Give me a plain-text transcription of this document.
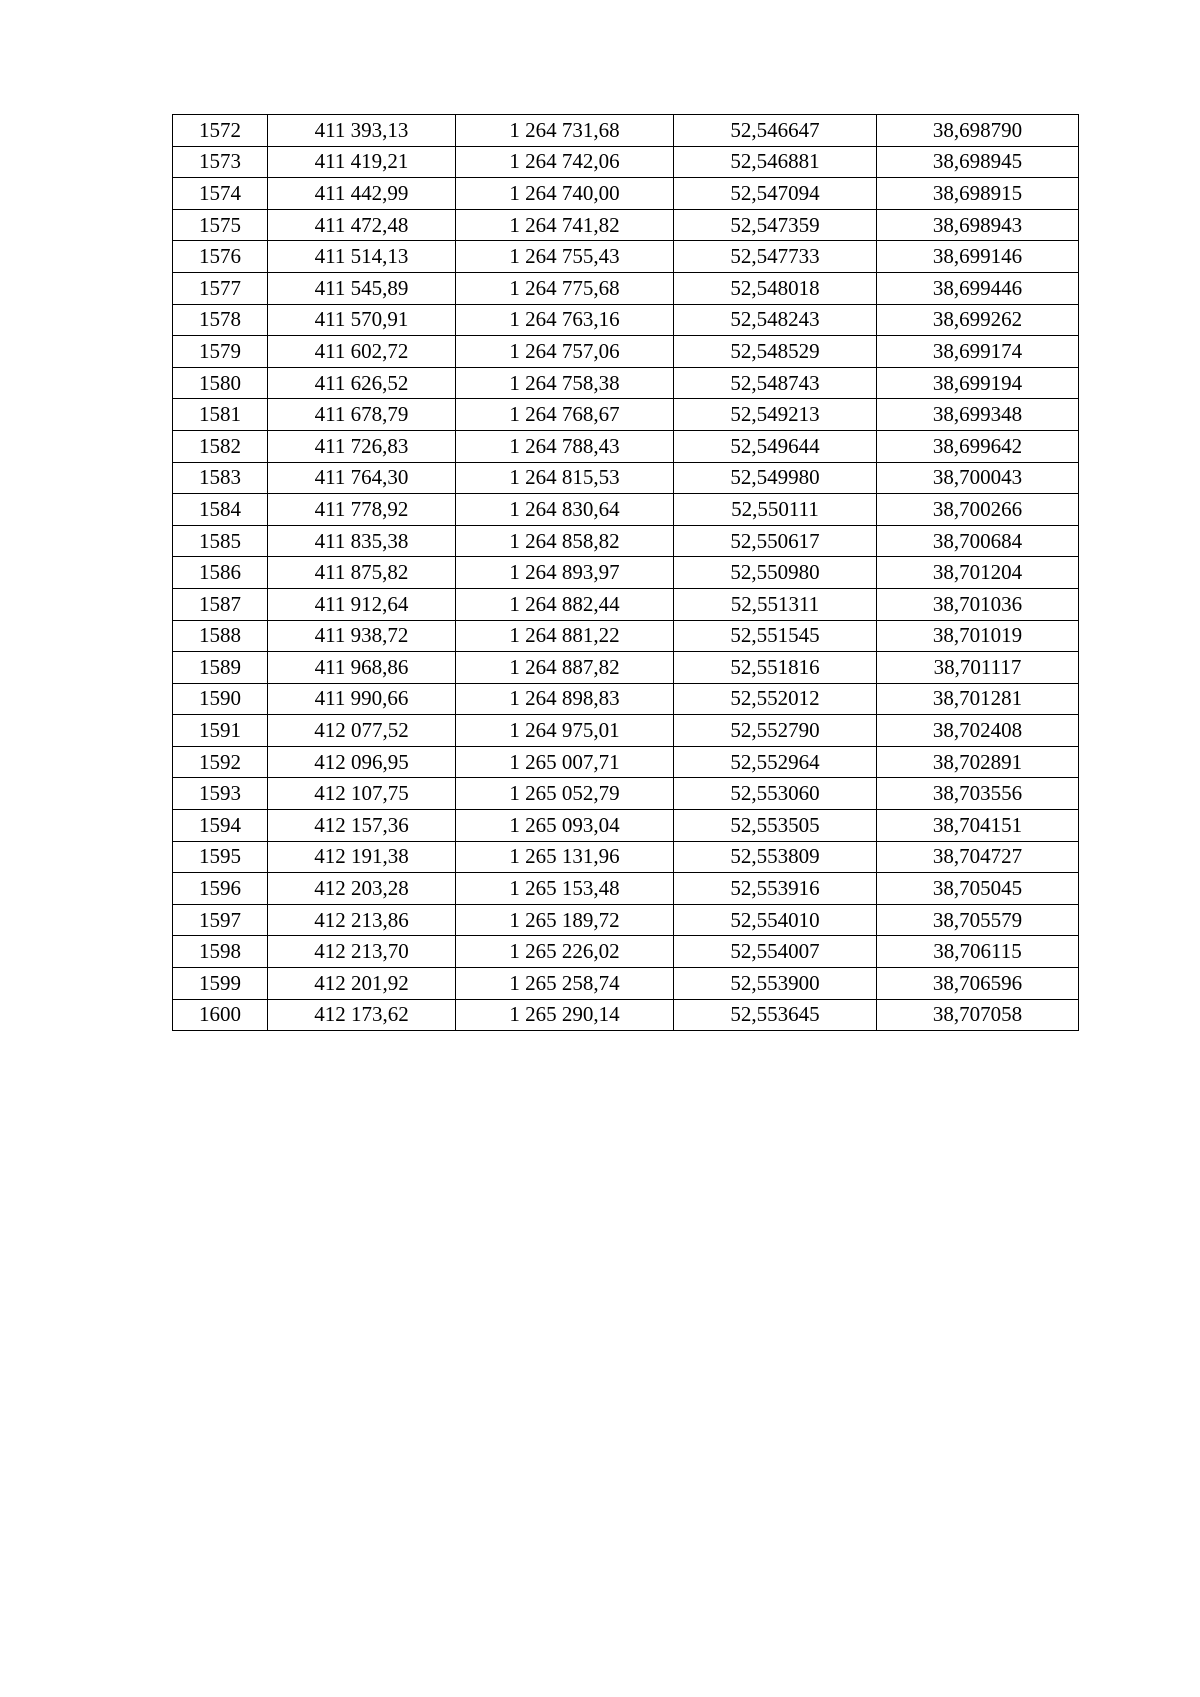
1572	411 393,13	1 264 731,68	52,546647	38,698790
1573	411 419,21	1 264 742,06	52,546881	38,698945
1574	411 442,99	1 264 740,00	52,547094	38,698915
1575	411 472,48	1 264 741,82	52,547359	38,698943
1576	411 514,13	1 264 755,43	52,547733	38,699146
1577	411 545,89	1 264 775,68	52,548018	38,699446
1578	411 570,91	1 264 763,16	52,548243	38,699262
1579	411 602,72	1 264 757,06	52,548529	38,699174
1580	411 626,52	1 264 758,38	52,548743	38,699194
1581	411 678,79	1 264 768,67	52,549213	38,699348
1582	411 726,83	1 264 788,43	52,549644	38,699642
1583	411 764,30	1 264 815,53	52,549980	38,700043
1584	411 778,92	1 264 830,64	52,550111	38,700266
1585	411 835,38	1 264 858,82	52,550617	38,700684
1586	411 875,82	1 264 893,97	52,550980	38,701204
1587	411 912,64	1 264 882,44	52,551311	38,701036
1588	411 938,72	1 264 881,22	52,551545	38,701019
1589	411 968,86	1 264 887,82	52,551816	38,701117
1590	411 990,66	1 264 898,83	52,552012	38,701281
1591	412 077,52	1 264 975,01	52,552790	38,702408
1592	412 096,95	1 265 007,71	52,552964	38,702891
1593	412 107,75	1 265 052,79	52,553060	38,703556
1594	412 157,36	1 265 093,04	52,553505	38,704151
1595	412 191,38	1 265 131,96	52,553809	38,704727
1596	412 203,28	1 265 153,48	52,553916	38,705045
1597	412 213,86	1 265 189,72	52,554010	38,705579
1598	412 213,70	1 265 226,02	52,554007	38,706115
1599	412 201,92	1 265 258,74	52,553900	38,706596
1600	412 173,62	1 265 290,14	52,553645	38,707058
